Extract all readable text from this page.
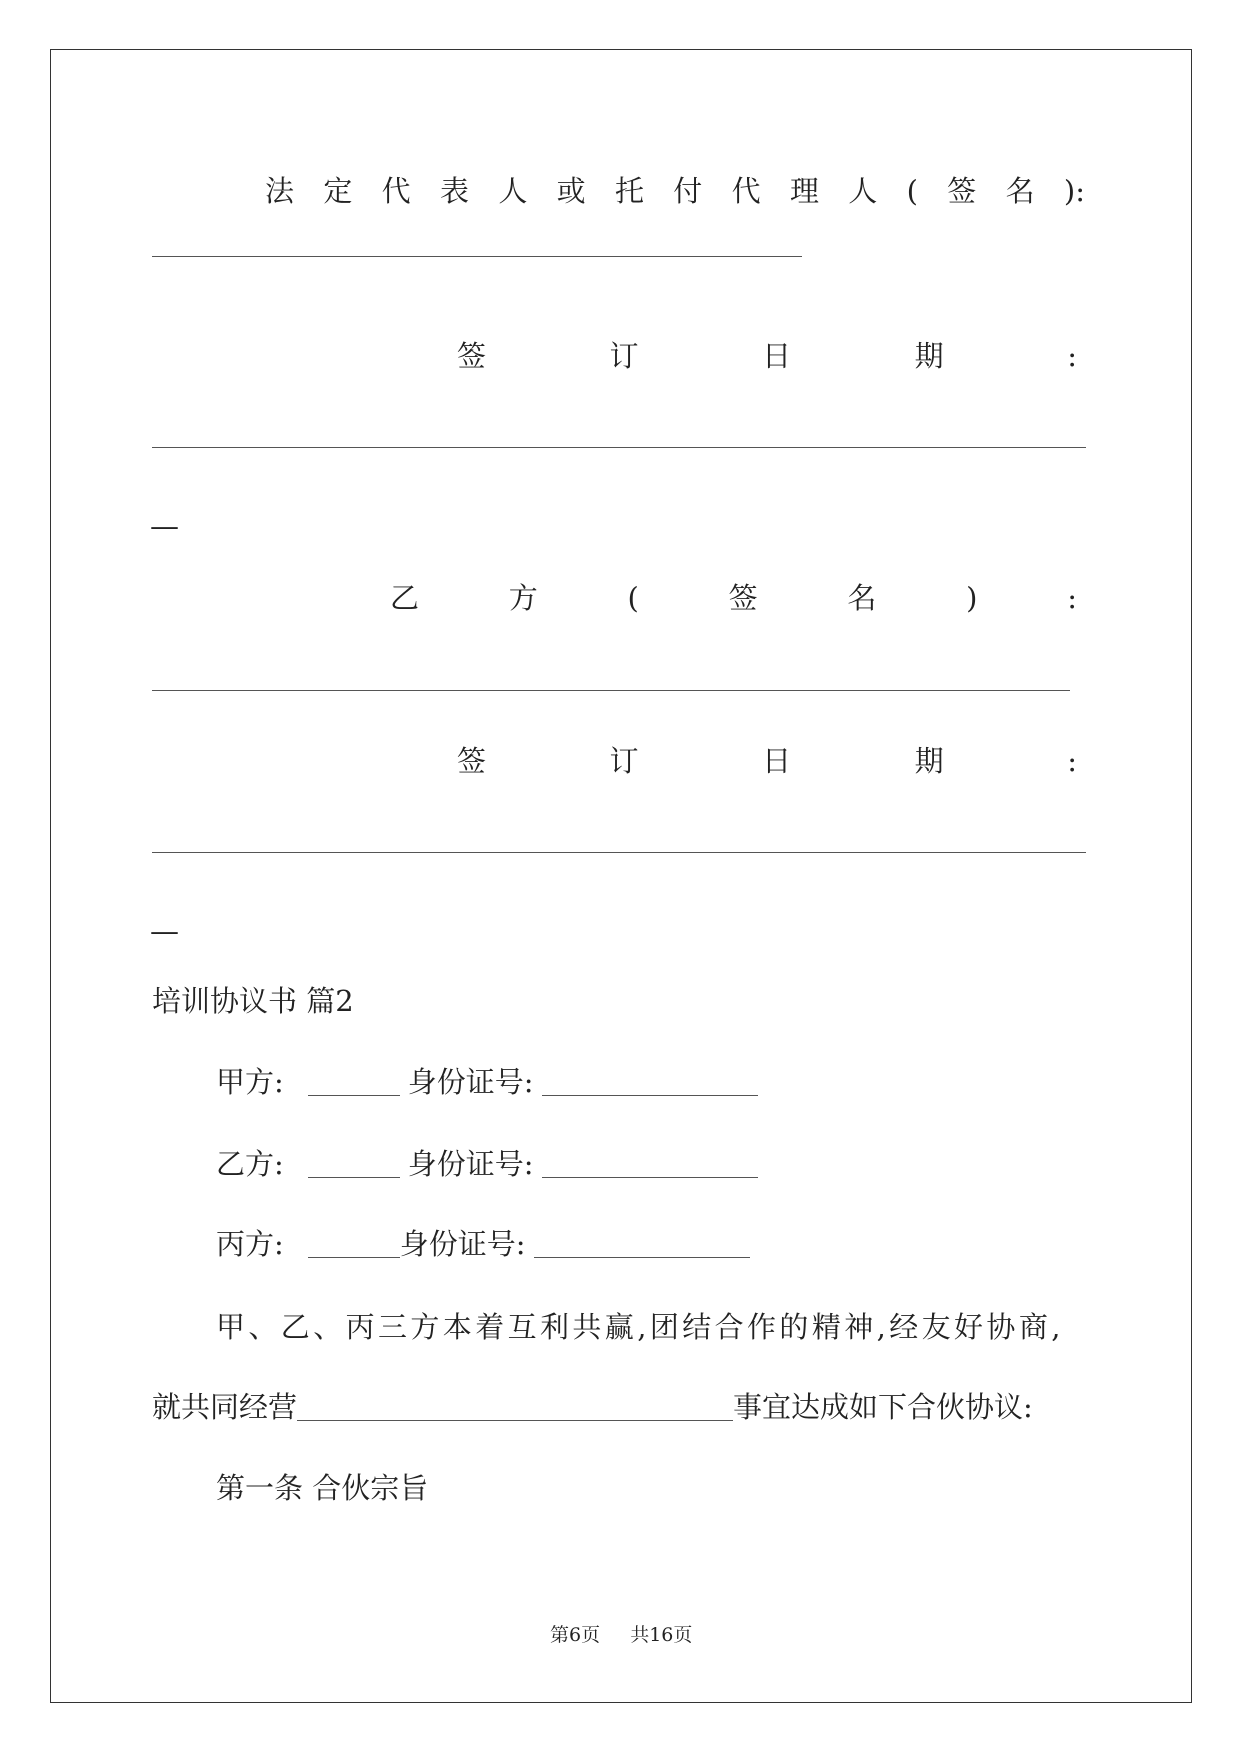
法 定 代 表 人 或 托 付 代 理 人 ( 签 名 ):
签	订	日	期	:
—
乙	方	(	签	名	)	:
签	订	日	期	:
—
培训协议书 篇2
甲方:	身份证号:
乙方:	身份证号:
丙方:	身份证号:
甲、乙、丙三方本着互利共赢,团结合作的精神,经友好协商,
就共同经营	事宜达成如下合伙协议:
第一条 合伙宗旨
第6页 共16页
